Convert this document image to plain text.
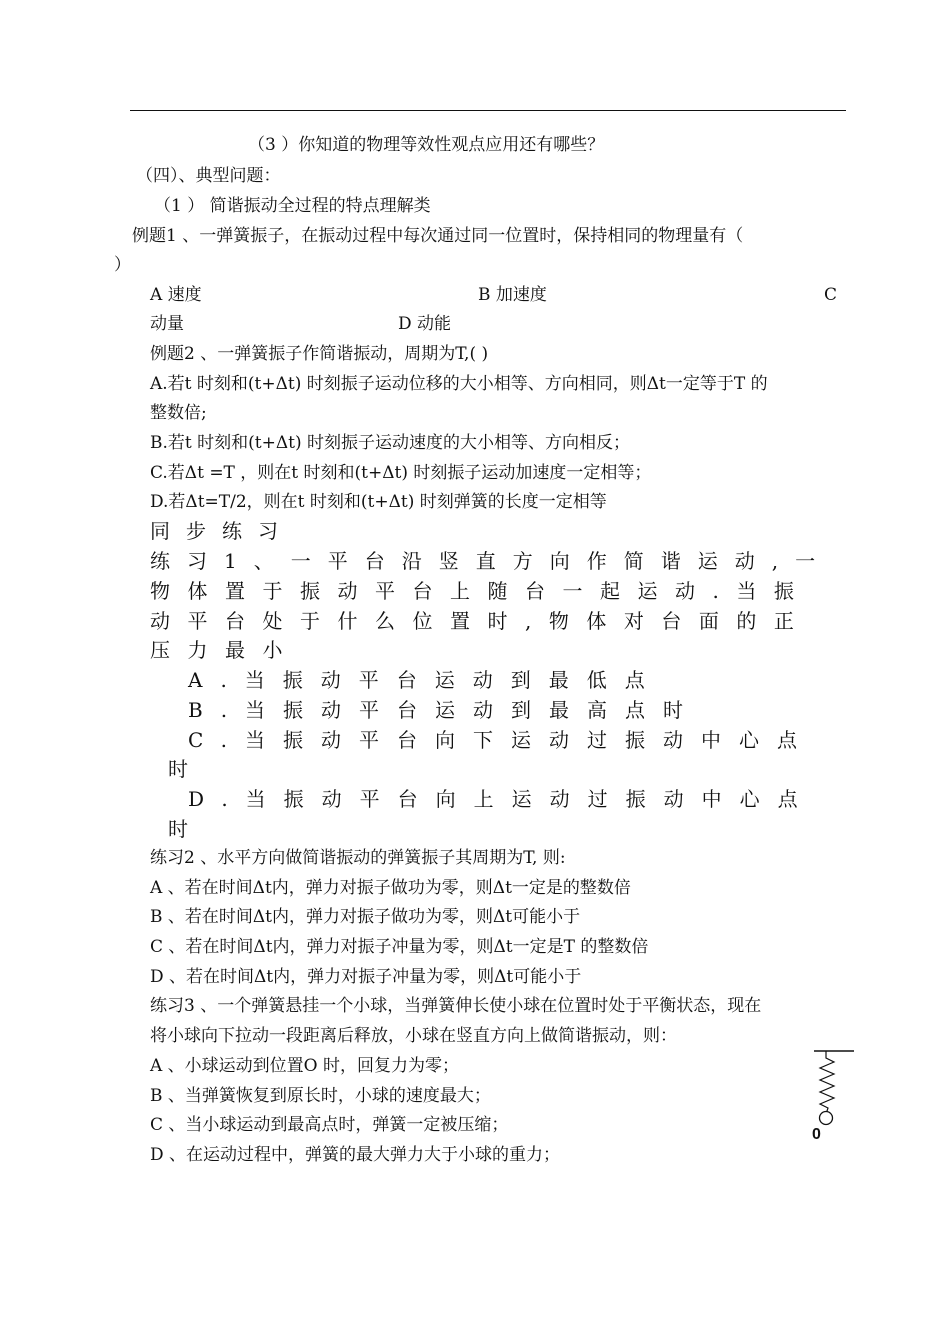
（3 ）你知道的物理等效性观点应用还有哪些？
（四）、典型问题：
（1 ） 简谐振动全过程的特点理解类
例题1 、一弹簧振子，在振动过程中每次通过同一位置时，保持相同的物理量有（
）
A 速度	B 加速度	C
动量	D 动能
例题2 、一弹簧振子作简谐振动，周期为T,( )
A.若t 时刻和(t+Δt) 时刻振子运动位移的大小相等、方向相同，则Δt一定等于T 的
整数倍;
B.若t 时刻和(t+Δt) 时刻振子运动速度的大小相等、方向相反；
C.若Δt =T ，则在t 时刻和(t+Δt) 时刻振子运动加速度一定相等；
D.若Δt=T/2，则在t 时刻和(t+Δt) 时刻弹簧的长度一定相等
同步练习
练习1、一平台沿竖直方向作简谐运动,一
物体置于振动平台上随台一起运动.当振
动平台处于什么位置时,物体对台面的正
压力最小
A.当振动平台运动到最低点
B.当振动平台运动到最高点时
C.当振动平台向下运动过振动中心点
时
D.当振动平台向上运动过振动中心点
时
练习2 、水平方向做简谐振动的弹簧振子其周期为T, 则:
A 、若在时间Δt内，弹力对振子做功为零，则Δt一定是的整数倍
B 、若在时间Δt内，弹力对振子做功为零，则Δt可能小于
C 、若在时间Δt内，弹力对振子冲量为零，则Δt一定是T 的整数倍
D 、若在时间Δt内，弹力对振子冲量为零，则Δt可能小于
练习3 、一个弹簧悬挂一个小球，当弹簧伸长使小球在位置时处于平衡状态，现在
将小球向下拉动一段距离后释放，小球在竖直方向上做简谐振动，则：
A 、小球运动到位置O 时，回复力为零；
B 、当弹簧恢复到原长时，小球的速度最大；
C 、当小球运动到最高点时，弹簧一定被压缩；
D 、在运动过程中，弹簧的最大弹力大于小球的重力；
0
